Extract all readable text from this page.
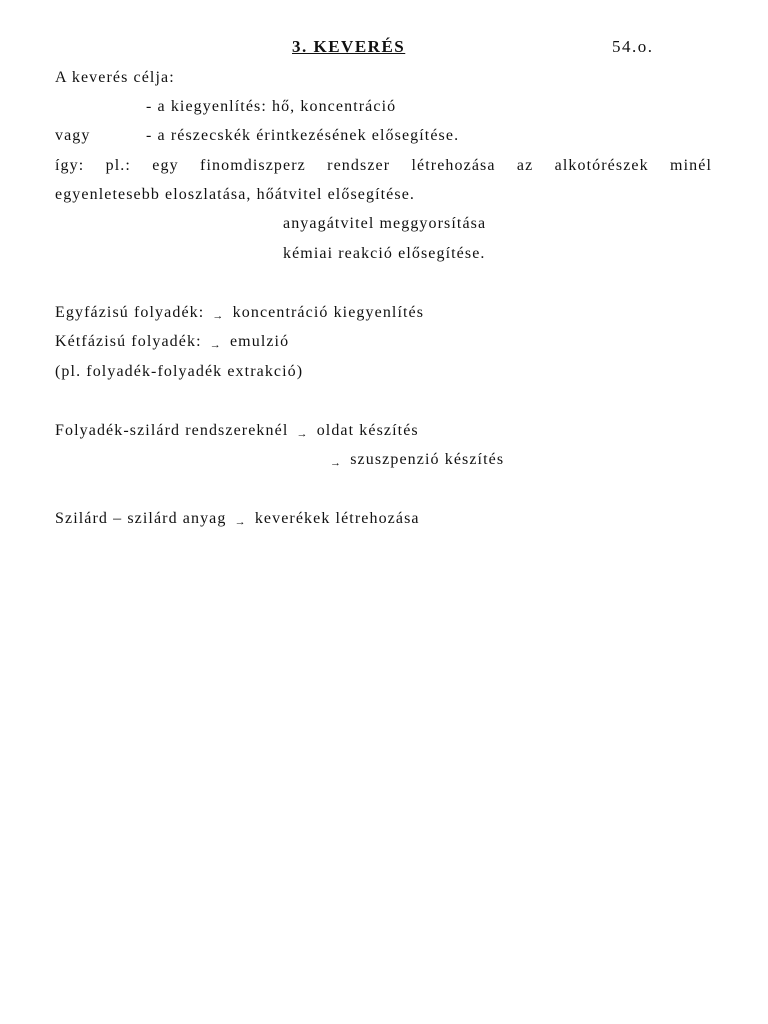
3. KEVERÉS	54.o.
A keverés célja:
- a kiegyenlítés: hő, koncentráció
vagy	- a részecskék érintkezésének elősegítése.
így: pl.: egy finomdiszperz rendszer létrehozása az alkotórészek minél
egyenletesebb eloszlatása, hőátvitel elősegítése.
anyagátvitel meggyorsítása
kémiai reakció elősegítése.
Egyfázisú folyadék: → koncentráció kiegyenlítés
Kétfázisú folyadék: → emulzió
(pl. folyadék-folyadék extrakció)
Folyadék-szilárd rendszereknél → oldat készítés
→ szuszpenzió készítés
Szilárd – szilárd anyag → keverékek létrehozása
